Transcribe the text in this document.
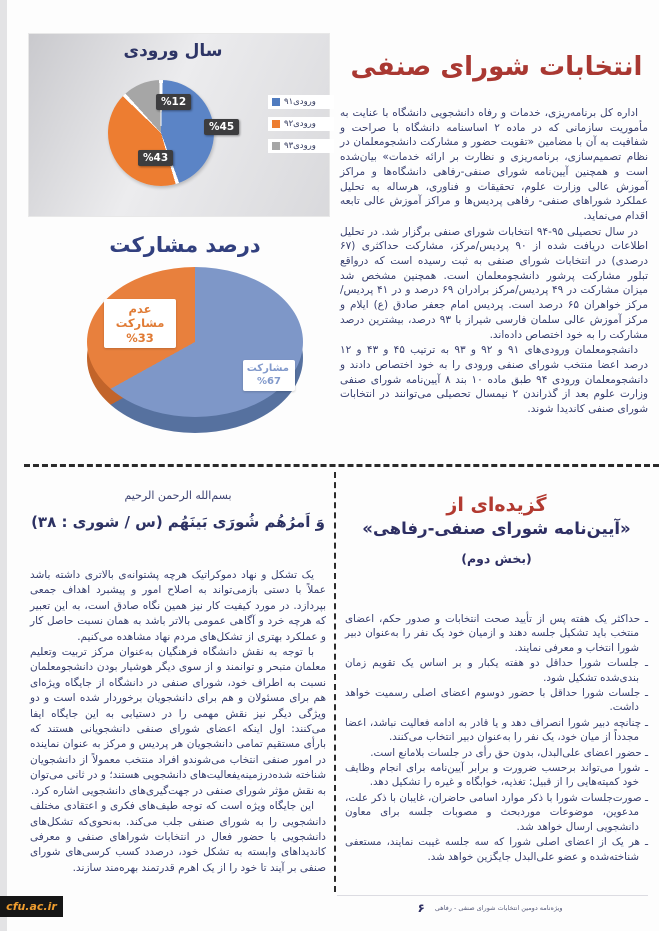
سال ورودی
%45
%43
%12	ورودی۹۱
ورودی۹۲
ورودی۹۳
درصد مشارکت
عدم مشارکت
%33
مشارکت
%67
انتخابات شورای صنفی

اداره کل برنامه‌ریزی، خدمات و رفاه دانشجویی دانشگاه با عنایت به مأموریت سازمانی که در ماده ۲ اساسنامه دانشگاه با صراحت و شفافیت به آن با مضامین «تقویت حضور و مشارکت دانشجومعلمان در نظام تصمیم‌سازی، برنامه‌ریزی و نظارت بر ارائه خدمات» بیان‌شده است و همچنین آیین‌نامه شورای صنفی-رفاهی دانشگاه‌ها و مراکز آموزش عالی وزارت علوم، تحقیقات و فناوری، هرساله به تحلیل عملکرد شوراهای صنفی- رفاهی پردیس‌ها و مراکز آموزش عالی تابعه اقدام می‌نماید.

در سال تحصیلی ۹۵-۹۴ انتخابات شورای صنفی برگزار شد. در تحلیل اطلاعات دریافت شده از ۹۰ پردیس/مرکز، مشارکت حداکثری (۶۷ درصدی) در انتخابات شورای صنفی به ثبت رسیده است که درواقع تبلور مشارکت پرشور دانشجومعلمان است. همچنین مشخص شد میزان مشارکت در ۴۹ پردیس/مرکز برادران ۶۹ درصد و در ۴۱ پردیس/مرکز خواهران ۶۵ درصد است. پردیس امام جعفر صادق (ع) ایلام و مرکز آموزش عالی سلمان فارسی شیراز با ۹۳ درصد، بیشترین درصد مشارکت را به خود اختصاص داده‌اند.

دانشجومعلمان ورودی‌های ۹۱ و ۹۲ و ۹۳ به ترتیب ۴۵ و ۴۳ و ۱۲ درصد اعضا منتخب شورای صنفی ورودی را به خود اختصاص دادند و دانشجومعلمان ورودی ۹۴ طبق ماده ۱۰ بند ۸ آیین‌نامه شورای صنفی وزارت علوم بعد از گذراندن ۲ نیمسال تحصیلی می‌توانند در انتخابات شورای صنفی کاندیدا شوند.

بسم‌الله الرحمن الرحیم
وَ اَمرُهُم شُورَی بَینَهُم (س / شوری : ۳۸)

یک تشکل و نهاد دموکراتیک هرچه پشتوانه‌ی بالاتری داشته باشد عملاً با دستی بازمی‌تواند به اصلاح امور و پیشبرد اهداف جمعی بپردازد. در مورد کیفیت کار نیز همین نگاه صادق است، به این تعبیر که هرچه خرد و آگاهی عمومی بالاتر باشد به همان نسبت حاصل کار و عملکرد بهتری از تشکل‌های مردم نهاد مشاهده می‌کنیم.

با توجه به نقش دانشگاه فرهنگیان به‌عنوان مرکز تربیت وتعلیم معلمان متبحر و توانمند و از سوی دیگر هوشیار بودن دانشجومعلمان نسبت به اطراف خود، شورای صنفی در دانشگاه از جایگاه ویژه‌ای هم برای مسئولان و هم برای دانشجویان برخوردار شده است و دو ویژگی دیگر نیز نقش مهمی را در دستیابی به این جایگاه ایفا می‌کنند: اول اینکه اعضای شورای صنفی دانشجویانی هستند که بارأی مستقیم تمامی دانشجویان هر پردیس و مرکز به عنوان نماینده در امور صنفی انتخاب می‌شوندو افراد منتخب معمولاً از دانشجویان شناخته شده‌درزمینه‌یفعالیت‌های دانشجویی هستند؛ و در ثانی می‌توان به نقش مؤثر شورای صنفی در جهت‌گیری‌های دانشجویی اشاره کرد.

این جایگاه ویژه است که توجه طیف‌های فکری و اعتقادی مختلف دانشجویی را به شورای صنفی جلب می‌کند. به‌نحوی‌که تشکل‌های دانشجویی با حضور فعال در انتخابات شوراهای صنفی و معرفی کاندیداهای وابسته به تشکل خود، درصدد کسب کرسی‌های شورای صنفی بر آیند تا خود را از یک اهرم قدرتمند بهره‌مند سازند.

گزیده‌ای از
«آیین‌نامه شورای صنفی-رفاهی»
(بخش دوم)
ـ حداکثر یک هفته پس از تأیید صحت انتخابات و صدور حکم، اعضای منتخب باید تشکیل جلسه دهند و ازمیان خود یک نفر را به‌عنوان دبیر شورا انتخاب و معرفی نمایند.
ـ جلسات شورا حداقل دو هفته یکبار و بر اساس یک تقویم زمان بندی‌شده تشکیل شود.
ـ جلسات شورا حداقل با حضور دوسوم اعضای اصلی رسمیت خواهد داشت.
ـ چنانچه دبیر شورا انصراف دهد و یا قادر به ادامه فعالیت نباشد، اعضا مجدداً از میان خود، یک نفر را به‌عنوان دبیر انتخاب می‌کنند.
ـ حضور اعضای علی‌البدل، بدون حق رأی در جلسات بلامانع است.
ـ شورا می‌تواند برحسب ضرورت و برابر آیین‌نامه برای انجام وظایف خود کمیته‌هایی را از قبیل: تغذیه، خوابگاه و غیره را تشکیل دهد.
ـ صورت‌جلسات شورا با ذکر موارد اسامی حاضران، غایبان با ذکر علت، مدعوین، موضوعات موردبحث و مصوبات جلسه برای معاون دانشجویی ارسال خواهد شد.
ـ هر یک از اعضای اصلی شورا که سه جلسه غیبت نمایند، مستعفی شناخته‌شده و عضو علی‌البدل جایگزین خواهد شد.
ویژه‌نامه دومین انتخابات شورای صنفی - رفاهی
۶
cfu.ac.ir
